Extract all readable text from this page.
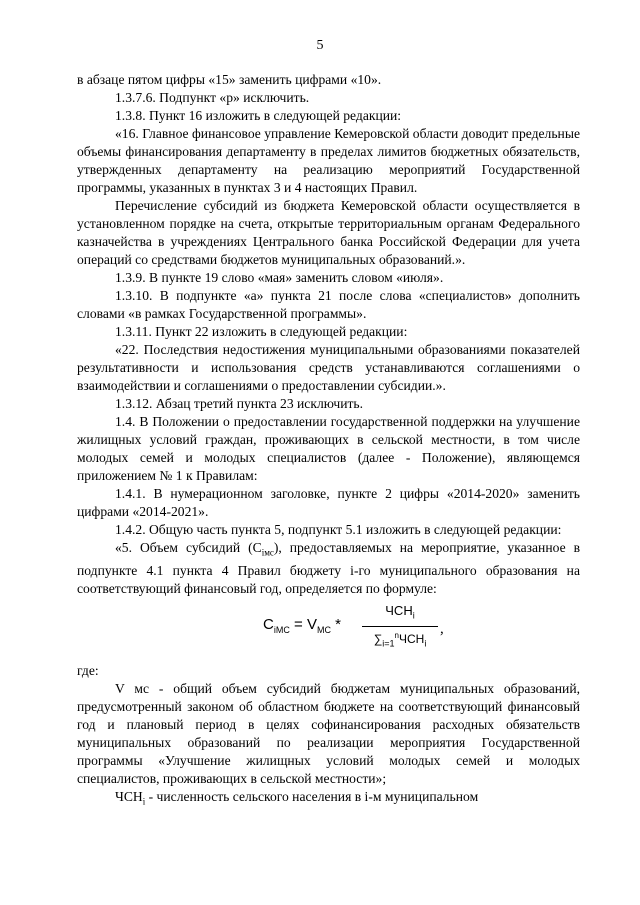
5

в абзаце пятом цифры «15» заменить цифрами «10».

1.3.7.6. Подпункт «р» исключить.

1.3.8. Пункт 16 изложить в следующей редакции:

«16. Главное финансовое управление Кемеровской области доводит предельные объемы финансирования департаменту в пределах лимитов бюджетных обязательств, утвержденных департаменту на реализацию мероприятий Государственной программы, указанных в пунктах 3 и 4 настоящих Правил.

Перечисление субсидий из бюджета Кемеровской области осуществляется в установленном порядке на счета, открытые территориальным органам Федерального казначейства в учреждениях Центрального банка Российской Федерации для учета операций со средствами бюджетов муниципальных образований.».

1.3.9. В пункте 19 слово «мая» заменить словом «июля».

1.3.10. В подпункте «а» пункта 21 после слова «специалистов» дополнить словами «в рамках Государственной программы».

1.3.11. Пункт 22 изложить в следующей редакции:

«22. Последствия недостижения муниципальными образованиями показателей результативности и использования средств устанавливаются соглашениями о взаимодействии и соглашениями о предоставлении субсидии.».

1.3.12. Абзац третий пункта 23 исключить.

1.4. В Положении о предоставлении государственной поддержки на улучшение жилищных условий граждан, проживающих в сельской местности, в том числе молодых семей и молодых специалистов (далее - Положение), являющемся приложением № 1 к Правилам:

1.4.1. В нумерационном заголовке, пункте 2 цифры «2014-2020» заменить цифрами «2014-2021».

1.4.2. Общую часть пункта 5, подпункт 5.1 изложить в следующей редакции:

«5. Объем субсидий $(С_{iмс})$, предоставляемых на мероприятие, указанное в подпункте 4.1 пункта 4 Правил бюджету i-го муниципального образования на соответствующий финансовый год, определяется по формуле:

$С_{iМС} = V_{МС}$ *
$ЧСН_i$
$\sum_{i=1}^nЧСН_i$
,

где:

V мс - общий объем субсидий бюджетам муниципальных образований, предусмотренный законом об областном бюджете на соответствующий финансовый год и плановый период в целях софинансирования расходных обязательств муниципальных образований по реализации мероприятия Государственной программы «Улучшение жилищных условий молодых семей и молодых специалистов, проживающих в сельской местности»;

$ЧСН_i$ - численность сельского населения в i-м муниципальном
